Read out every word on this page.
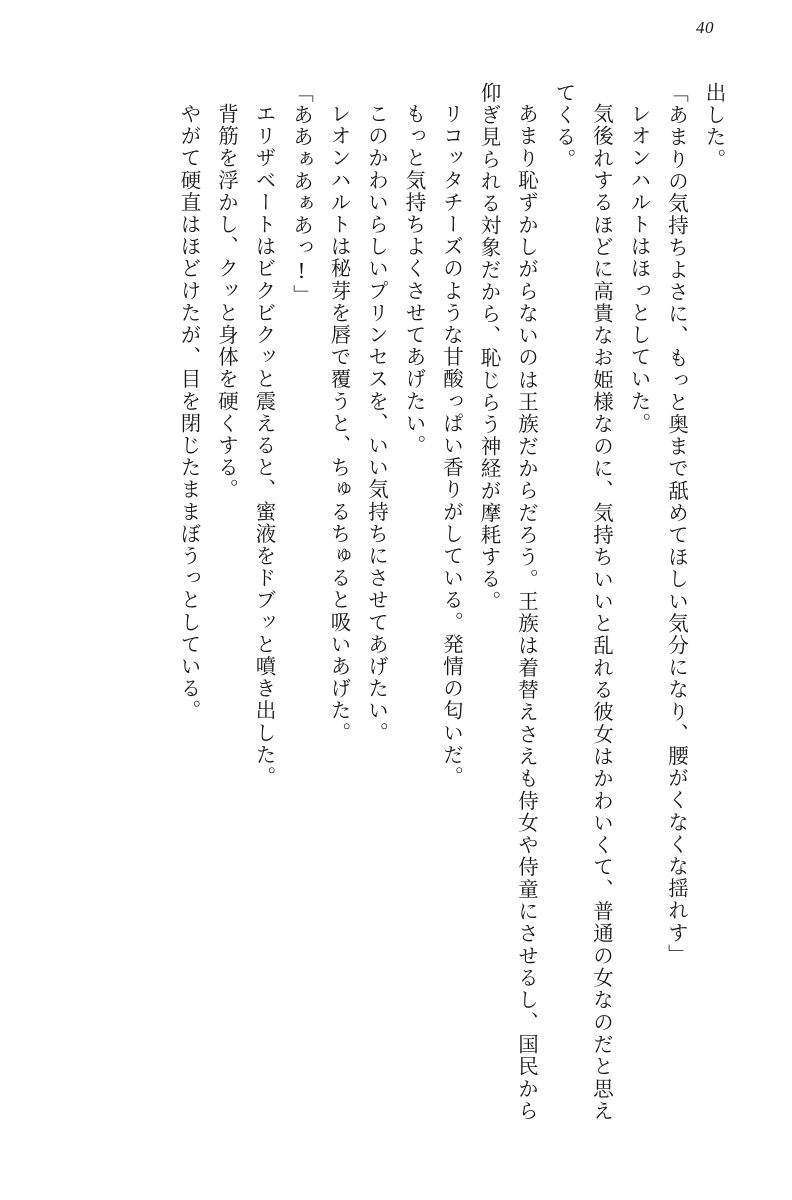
40

出した。

「あまりの気持ちよさに、もっと奥まで舐めてほしい気分になり、腰がくなくな揺れす」

レオンハルトはほっとしていた。

気後れするほどに高貴なお姫様なのに、気持ちいいと乱れる彼女はかわいくて、普通の女なのだと思えてくる。

あまり恥ずかしがらないのは王族だからだろう。王族は着替えさえも侍女や侍童にさせるし、国民から仰ぎ見られる対象だから、恥じらう神経が摩耗する。

リコッタチーズのような甘酸っぱい香りがしている。発情の匂いだ。

もっと気持ちよくさせてあげたい。

このかわいらしいプリンセスを、いい気持ちにさせてあげたい。

レオンハルトは秘芽を唇で覆うと、ちゅるちゅると吸いあげた。

「ああぁあぁあっ!」

エリザベートはビクビクッと震えると、蜜液をドブッと噴き出した。

背筋を浮かし、クッと身体を硬くする。

やがて硬直はほどけたが、目を閉じたままぼうっとしている。
